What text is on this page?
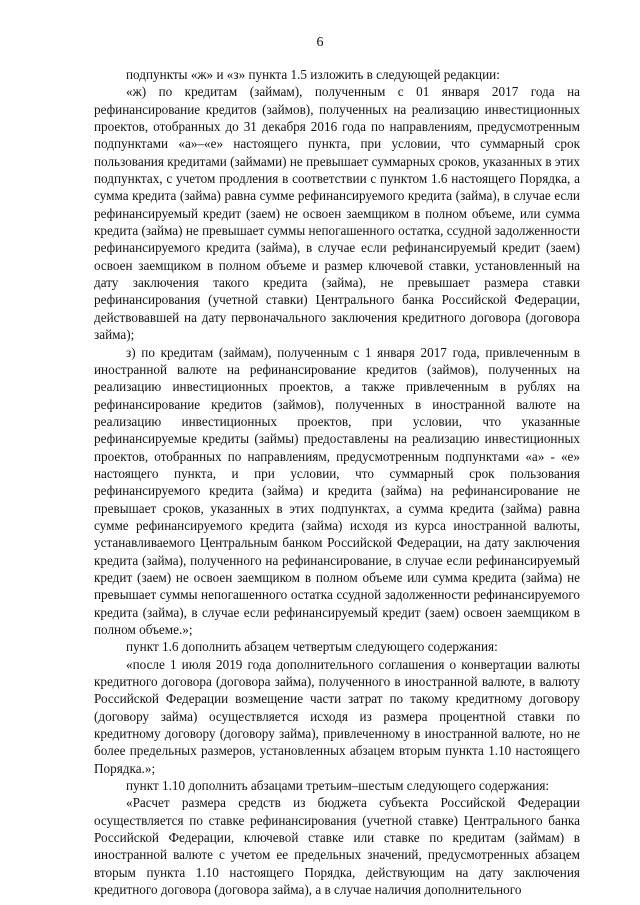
6

подпункты «ж» и «з» пункта 1.5 изложить в следующей редакции:

«ж) по кредитам (займам), полученным с 01 января 2017 года на рефинансирование кредитов (займов), полученных на реализацию инвестиционных проектов, отобранных до 31 декабря 2016 года по направлениям, предусмотренным подпунктами «а»–«е» настоящего пункта, при условии, что суммарный срок пользования кредитами (займами) не превышает суммарных сроков, указанных в этих подпунктах, с учетом продления в соответствии с пунктом 1.6 настоящего Порядка, а сумма кредита (займа) равна сумме рефинансируемого кредита (займа), в случае если рефинансируемый кредит (заем) не освоен заемщиком в полном объеме, или сумма кредита (займа) не превышает суммы непогашенного остатка, ссудной задолженности рефинансируемого кредита (займа), в случае если рефинансируемый кредит (заем) освоен заемщиком в полном объеме и размер ключевой ставки, установленный на дату заключения такого кредита (займа), не превышает размера ставки рефинансирования (учетной ставки) Центрального банка Российской Федерации, действовавшей на дату первоначального заключения кредитного договора (договора займа);

з) по кредитам (займам), полученным с 1 января 2017 года, привлеченным в иностранной валюте на рефинансирование кредитов (займов), полученных на реализацию инвестиционных проектов, а также привлеченным в рублях на рефинансирование кредитов (займов), полученных в иностранной валюте на реализацию инвестиционных проектов, при условии, что указанные рефинансируемые кредиты (займы) предоставлены на реализацию инвестиционных проектов, отобранных по направлениям, предусмотренным подпунктами «а» - «е» настоящего пункта, и при условии, что суммарный срок пользования рефинансируемого кредита (займа) и кредита (займа) на рефинансирование не превышает сроков, указанных в этих подпунктах, а сумма кредита (займа) равна сумме рефинансируемого кредита (займа) исходя из курса иностранной валюты, устанавливаемого Центральным банком Российской Федерации, на дату заключения кредита (займа), полученного на рефинансирование, в случае если рефинансируемый кредит (заем) не освоен заемщиком в полном объеме или сумма кредита (займа) не превышает суммы непогашенного остатка ссудной задолженности рефинансируемого кредита (займа), в случае если рефинансируемый кредит (заем) освоен заемщиком в полном объеме.»;

пункт 1.6 дополнить абзацем четвертым следующего содержания:

«после 1 июля 2019 года дополнительного соглашения о конвертации валюты кредитного договора (договора займа), полученного в иностранной валюте, в валюту Российской Федерации возмещение части затрат по такому кредитному договору (договору займа) осуществляется исходя из размера процентной ставки по кредитному договору (договору займа), привлеченному в иностранной валюте, но не более предельных размеров, установленных абзацем вторым пункта 1.10 настоящего Порядка.»;

пункт 1.10 дополнить абзацами третьим–шестым следующего содержания:

«Расчет размера средств из бюджета субъекта Российской Федерации осуществляется по ставке рефинансирования (учетной ставке) Центрального банка Российской Федерации, ключевой ставке или ставке по кредитам (займам) в иностранной валюте с учетом ее предельных значений, предусмотренных абзацем вторым пункта 1.10 настоящего Порядка, действующим на дату заключения кредитного договора (договора займа), а в случае наличия дополнительного
